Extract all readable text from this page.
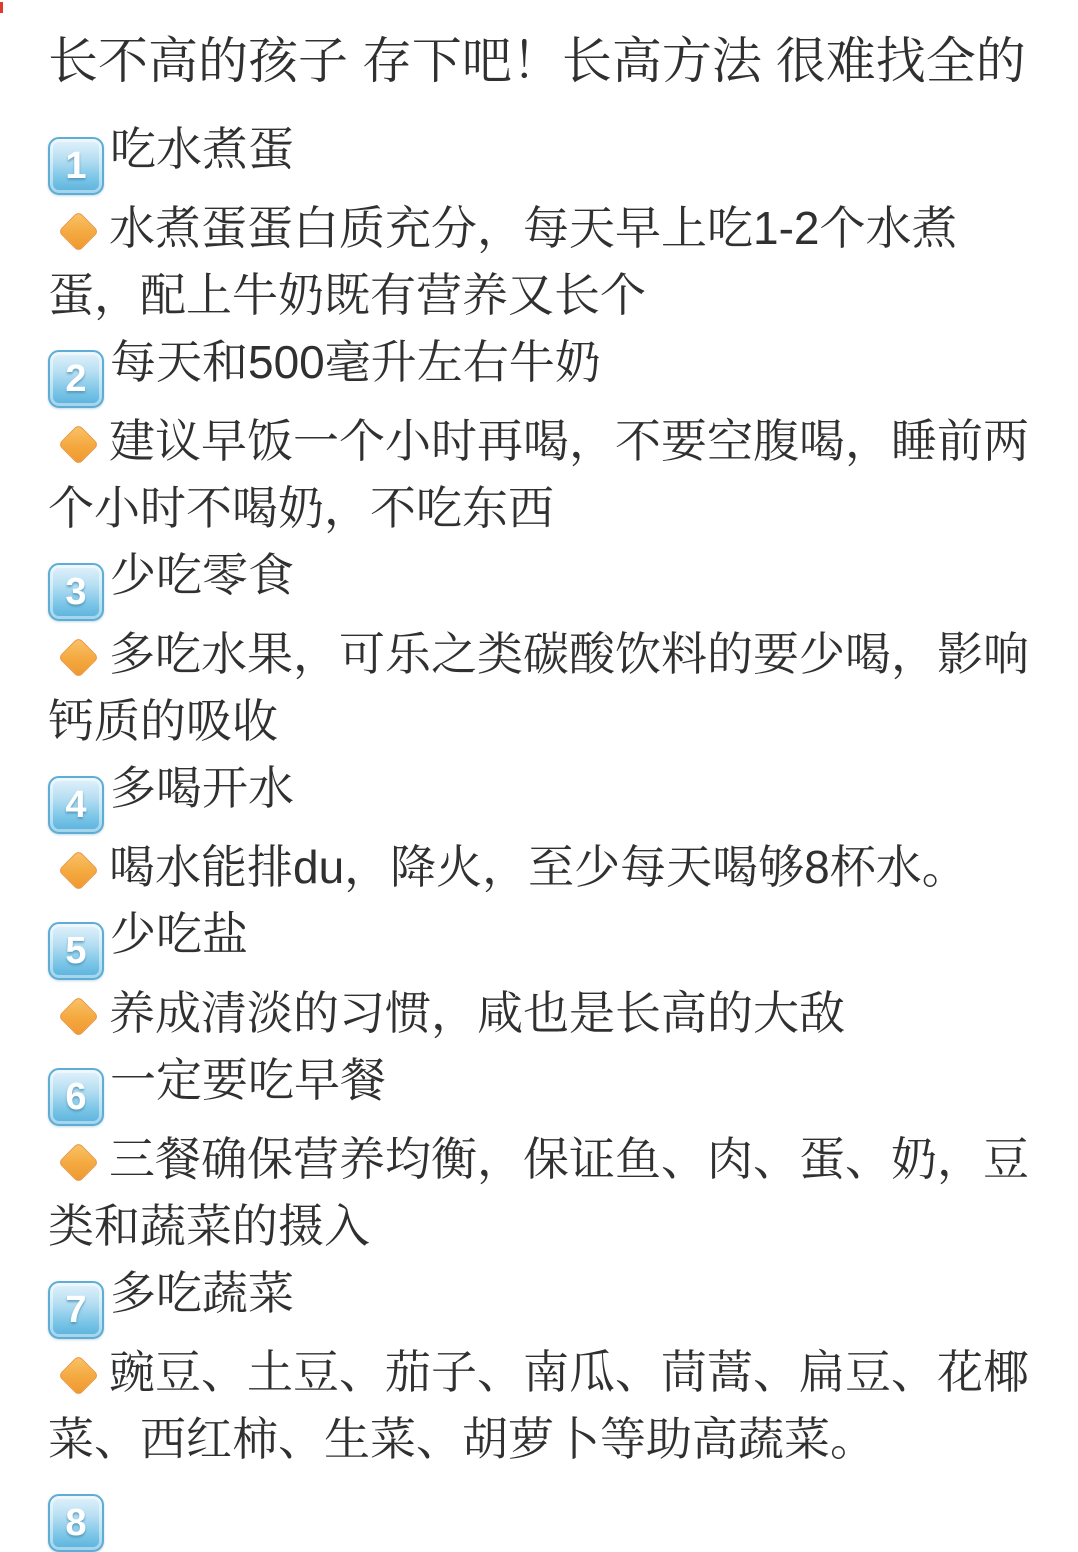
长不高的孩子 存下吧！长高方法 很难找全的

1 吃水煮蛋

水煮蛋蛋白质充分，每天早上吃1-2个水煮蛋，配上牛奶既有营养又长个

2 每天和500毫升左右牛奶

建议早饭一个小时再喝，不要空腹喝，睡前两个小时不喝奶，不吃东西

3 少吃零食

多吃水果，可乐之类碳酸饮料的要少喝，影响钙质的吸收

4 多喝开水

喝水能排du，降火，至少每天喝够8杯水。

5 少吃盐

养成清淡的习惯，咸也是长高的大敌

6 一定要吃早餐

三餐确保营养均衡，保证鱼、肉、蛋、奶，豆类和蔬菜的摄入

7 多吃蔬菜

豌豆、土豆、茄子、南瓜、茼蒿、扁豆、花椰菜、西红柿、生菜、胡萝卜等助高蔬菜。

8
